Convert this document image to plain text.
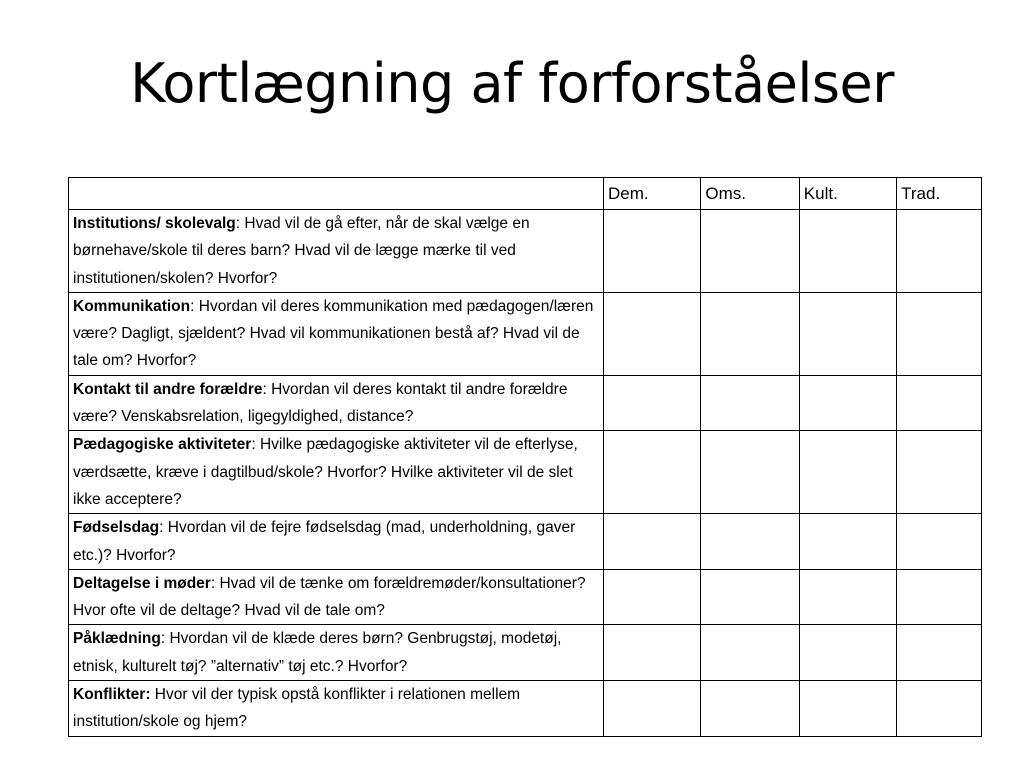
Kortlægning af forforståelser
	Dem.	Oms.	Kult.	Trad.
Institutions/ skolevalg: Hvad vil de gå efter, når de skal vælge en børnehave/skole til deres barn? Hvad vil de lægge mærke til ved institutionen/skolen? Hvorfor?				
Kommunikation: Hvordan vil deres kommunikation med pædagogen/læren være? Dagligt, sjældent? Hvad vil kommunikationen bestå af? Hvad vil de tale om? Hvorfor?				
Kontakt til andre forældre: Hvordan vil deres kontakt til andre forældre være? Venskabsrelation, ligegyldighed, distance?				
Pædagogiske aktiviteter: Hvilke pædagogiske aktiviteter vil de efterlyse, værdsætte, kræve i dagtilbud/skole? Hvorfor? Hvilke aktiviteter vil de slet ikke acceptere?				
Fødselsdag: Hvordan vil de fejre fødselsdag (mad, underholdning, gaver etc.)? Hvorfor?				
Deltagelse i møder: Hvad vil de tænke om forældremøder/konsultationer? Hvor ofte vil de deltage? Hvad vil de tale om?				
Påklædning: Hvordan vil de klæde deres børn? Genbrugstøj, modetøj, etnisk, kulturelt tøj? ”alternativ” tøj etc.? Hvorfor?				
Konflikter: Hvor vil der typisk opstå konflikter i relationen mellem institution/skole og hjem?				
